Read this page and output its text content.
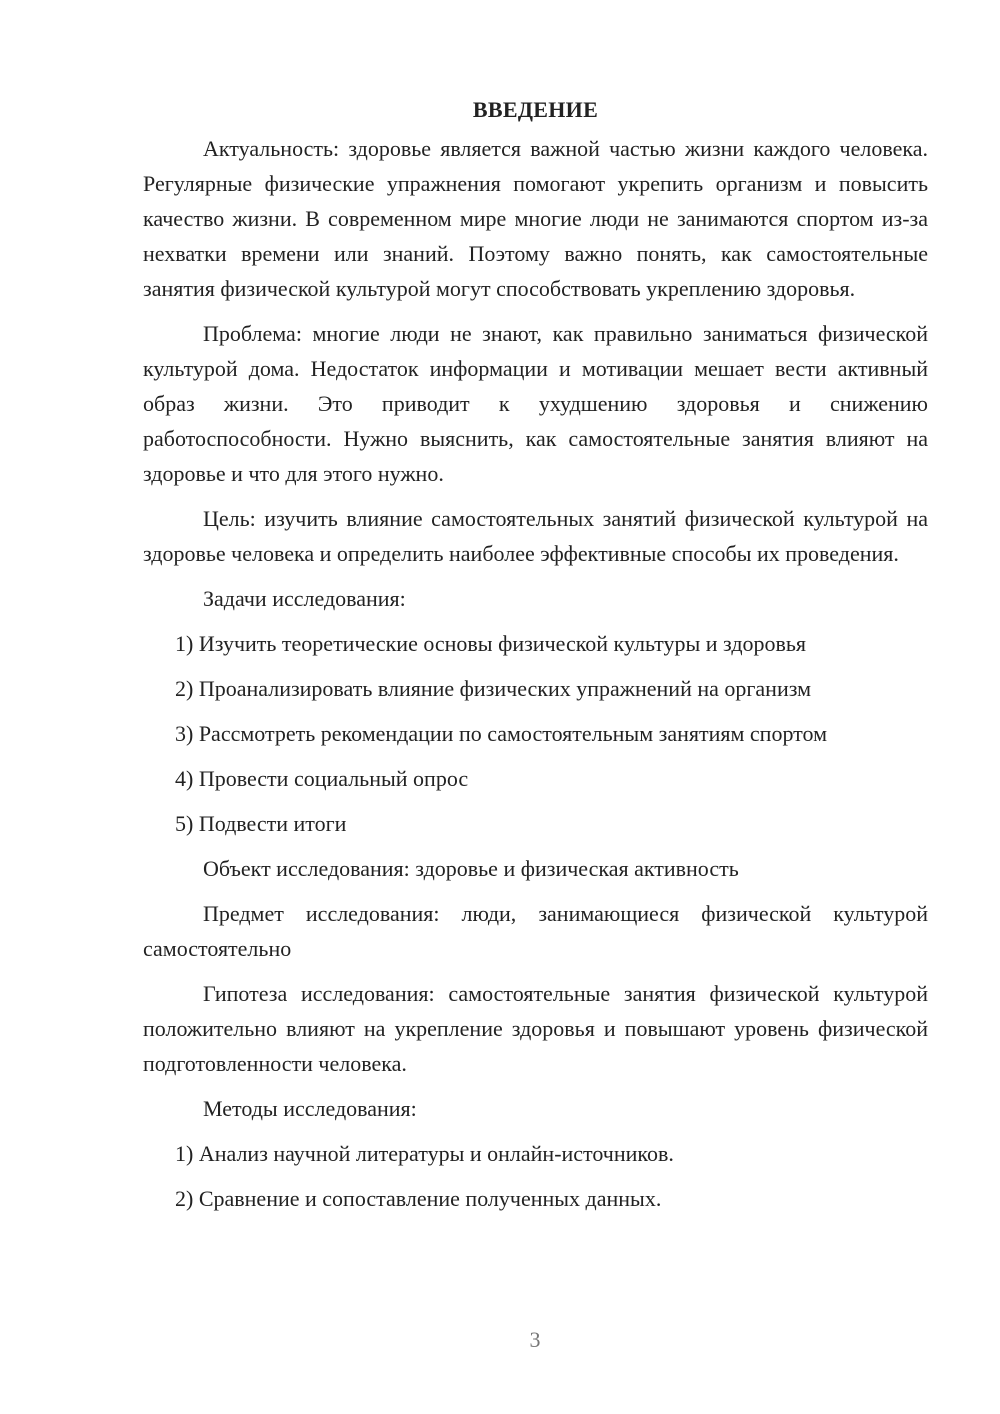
ВВЕДЕНИЕ

Актуальность: здоровье является важной частью жизни каждого человека. Регулярные физические упражнения помогают укрепить организм и повысить качество жизни. В современном мире многие люди не занимаются спортом из-за нехватки времени или знаний. Поэтому важно понять, как самостоятельные занятия физической культурой могут способствовать укреплению здоровья.

Проблема: многие люди не знают, как правильно заниматься физической культурой дома. Недостаток информации и мотивации мешает вести активный образ жизни. Это приводит к ухудшению здоровья и снижению работоспособности. Нужно выяснить, как самостоятельные занятия влияют на здоровье и что для этого нужно.

Цель: изучить влияние самостоятельных занятий физической культурой на здоровье человека и определить наиболее эффективные способы их проведения.

Задачи исследования:

1) Изучить теоретические основы физической культуры и здоровья
2) Проанализировать влияние физических упражнений на организм
3) Рассмотреть рекомендации по самостоятельным занятиям спортом
4) Провести социальный опрос
5) Подвести итоги

Объект исследования: здоровье и физическая активность

Предмет исследования: люди, занимающиеся физической культурой самостоятельно

Гипотеза исследования: самостоятельные занятия физической культурой положительно влияют на укрепление здоровья и повышают уровень физической подготовленности человека.

Методы исследования:

1) Анализ научной литературы и онлайн-источников.
2) Сравнение и сопоставление полученных данных.
3
